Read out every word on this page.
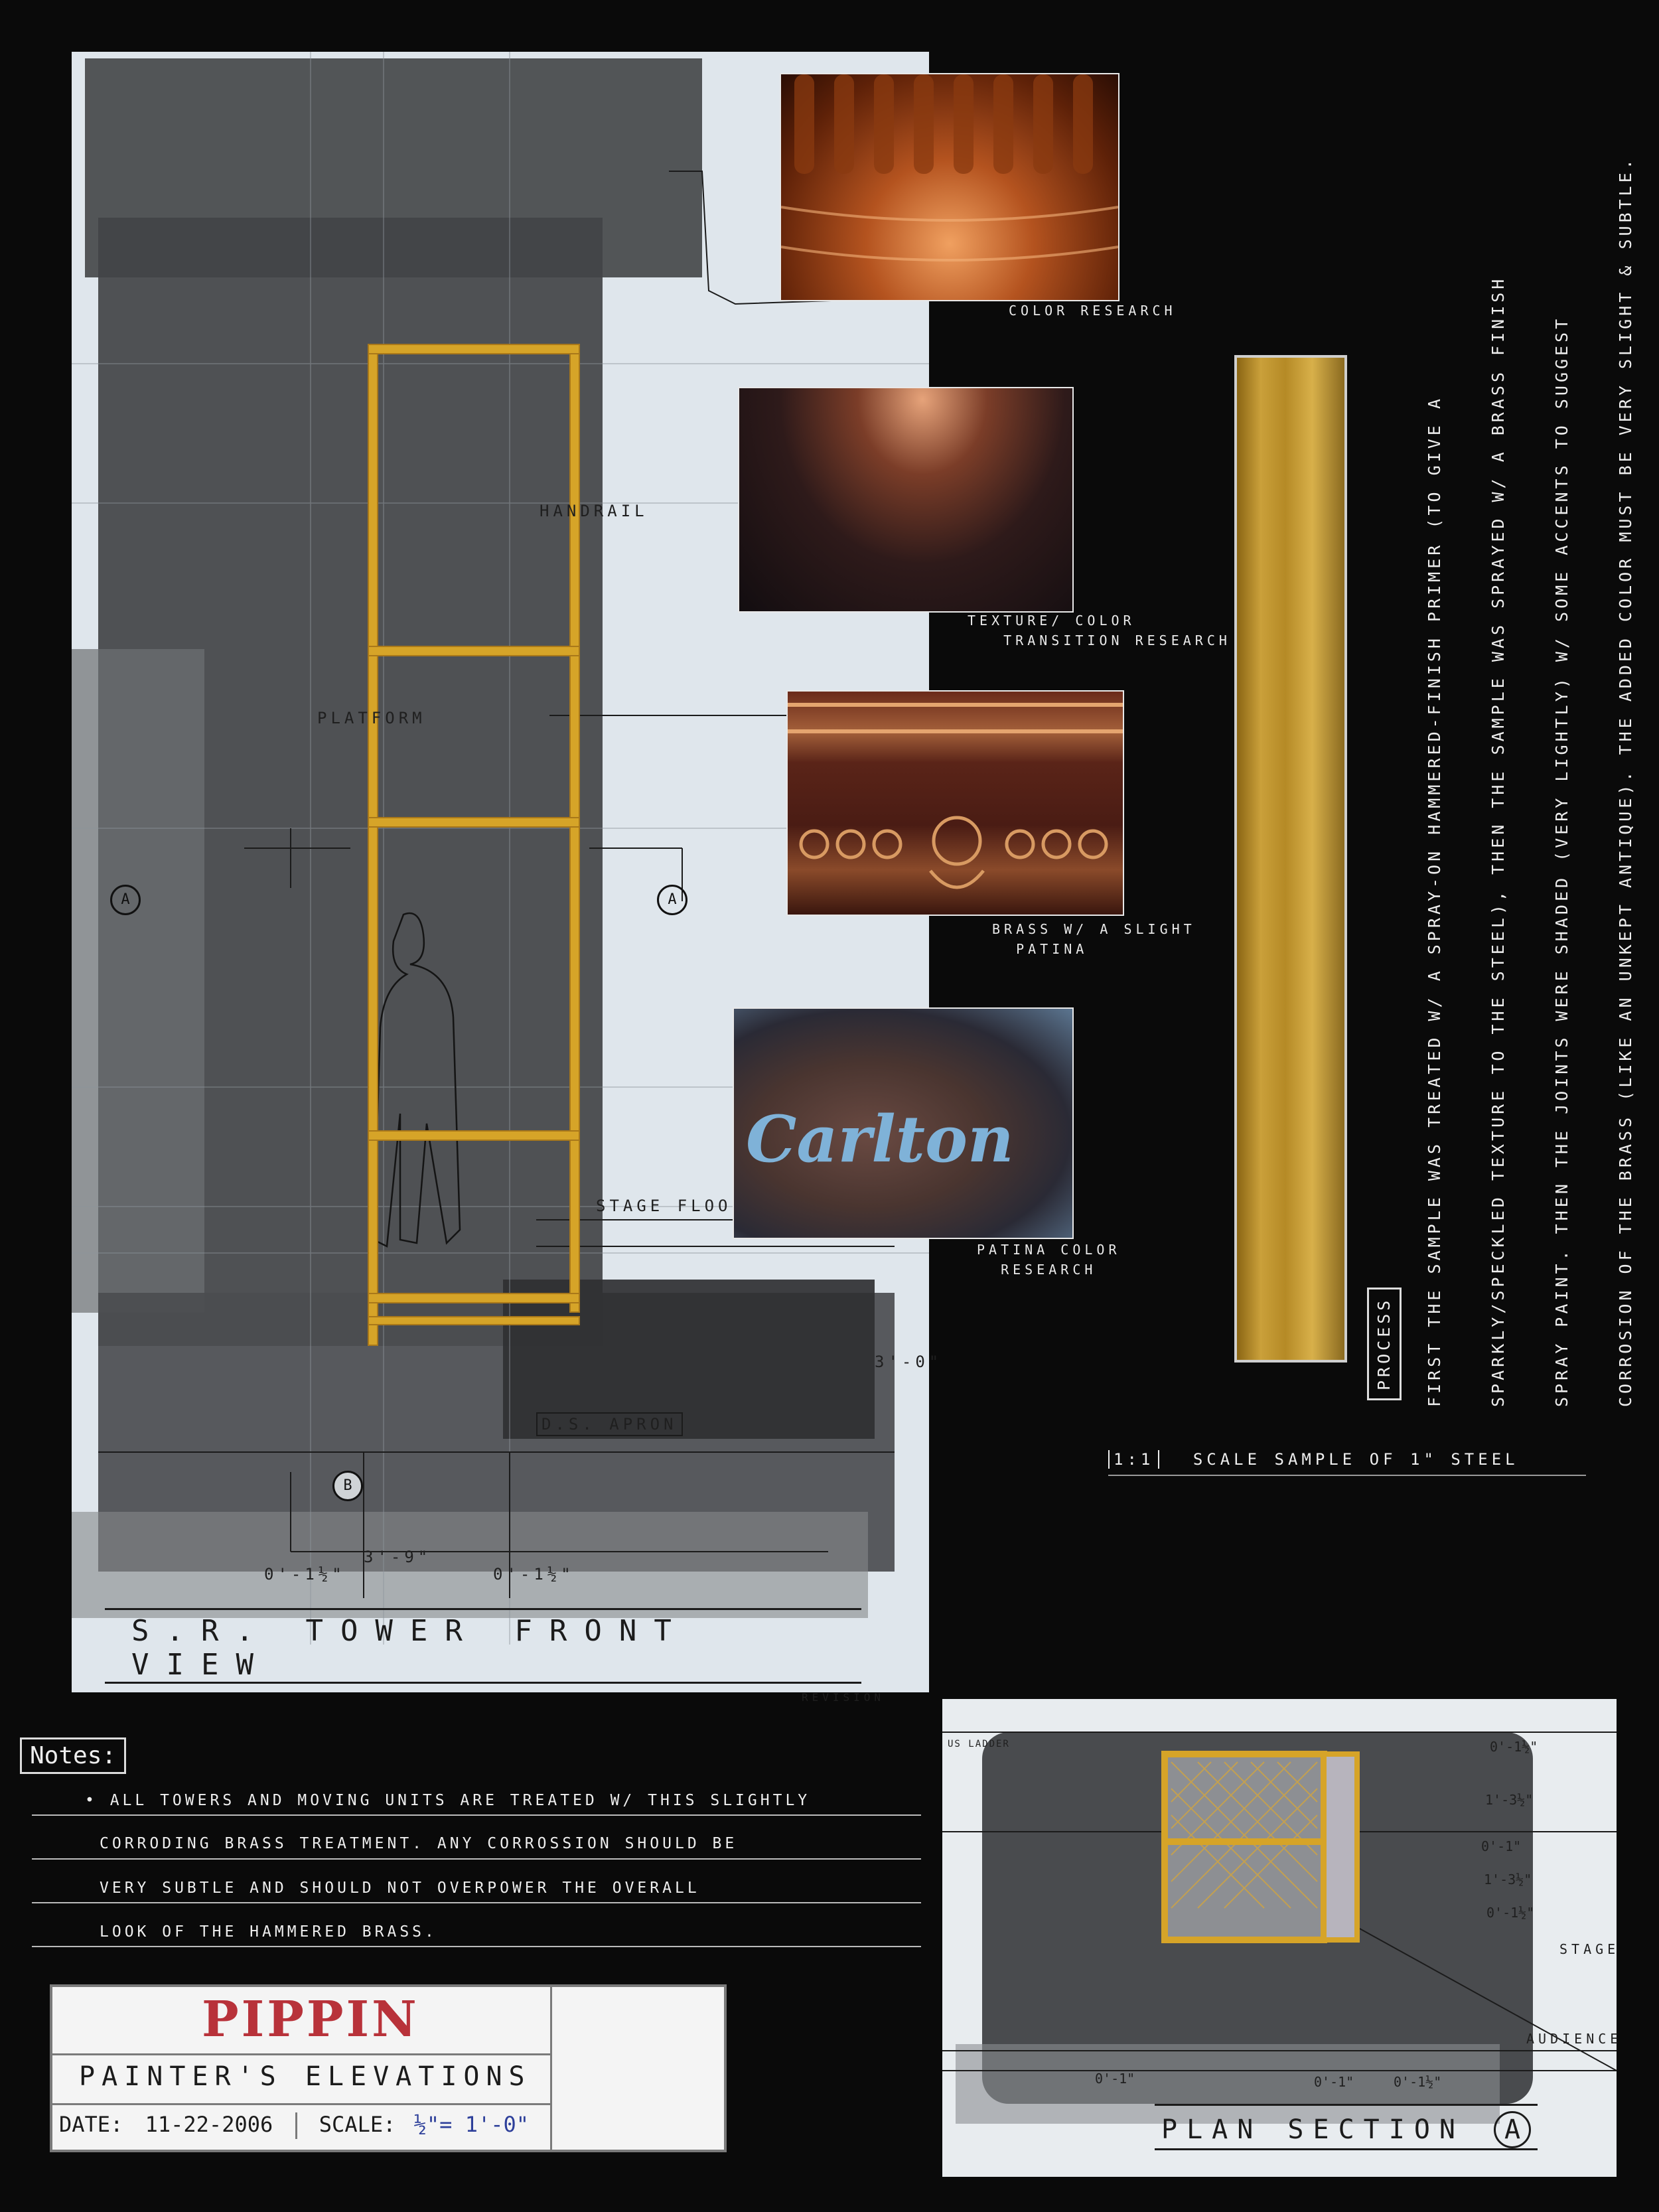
HANDRAIL
PLATFORM
STAGE FLOO
D.S. APRON
3'-0"
3'-9"
0'-1½"	0'-1½"
REVISION
A	A
B
S.R. TOWER FRONT VIEW
COLOR RESEARCH
TEXTURE/ COLOR
TRANSITION RESEARCH
BRASS W/ A SLIGHT
PATINA
Carlton
PATINA COLOR
RESEARCH
1:1 SCALE SAMPLE OF 1" STEEL
PROCESS	FIRST THE SAMPLE WAS TREATED W/ A SPRAY-ON HAMMERED-FINISH PRIMER (TO GIVE A	SPARKLY/SPECKLED TEXTURE TO THE STEEL), THEN THE SAMPLE WAS SPRAYED W/ A BRASS FINISH	SPRAY PAINT. THEN THE JOINTS WERE SHADED (VERY LIGHTLY) W/ SOME ACCENTS TO SUGGEST	CORROSION OF THE BRASS (LIKE AN UNKEPT ANTIQUE). THE ADDED COLOR MUST BE VERY SLIGHT & SUBTLE.
Notes:
• ALL TOWERS AND MOVING UNITS ARE TREATED W/ THIS SLIGHTLY
CORRODING BRASS TREATMENT. ANY CORROSSION SHOULD BE
VERY SUBTLE AND SHOULD NOT OVERPOWER THE OVERALL
LOOK OF THE HAMMERED BRASS.
PIPPIN
PAINTER'S ELEVATIONS
DATE: 11-22-2006 SCALE: ½"= 1'-0"
0'-1½"
1'-3½"
0'-1"
1'-3½"
0'-1½"
0'-1"	0'-1"	0'-1½"
US LADDER
STAGE
AUDIENCE
PLAN SECTION A
